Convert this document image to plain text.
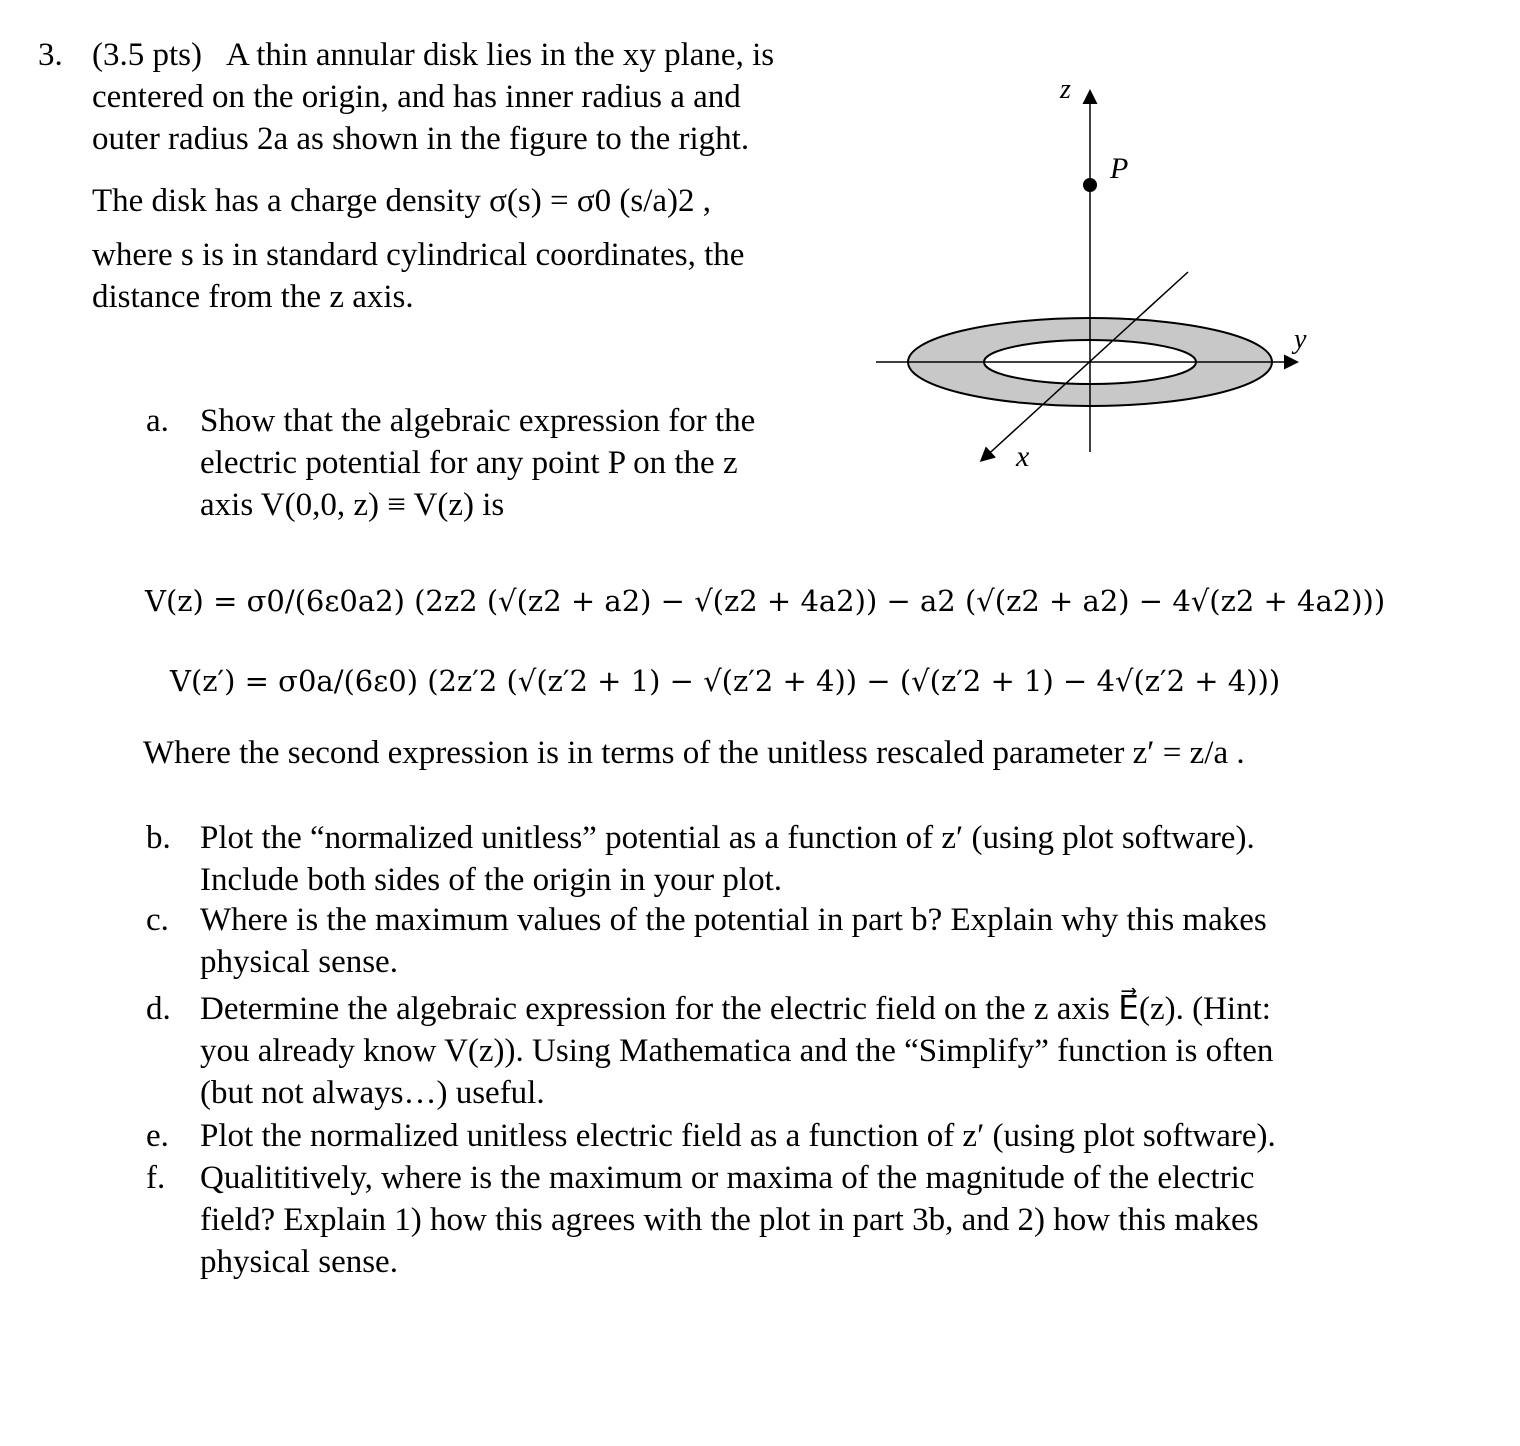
3. (3.5 pts) A thin annular disk lies in the xy plane, is
centered on the origin, and has inner radius a and
outer radius 2a as shown in the figure to the right.
The disk has a charge density σ(s) = σ0 (s/a)2 ,
where s is in standard cylindrical coordinates, the
distance from the z axis.
z
P
y
x
a. Show that the algebraic expression for the
electric potential for any point P on the z
axis V(0,0, z) ≡ V(z) is
V(z) = σ0/(6ε0a2) (2z2 (√(z2 + a2) − √(z2 + 4a2)) − a2 (√(z2 + a2) − 4√(z2 + 4a2)))
V(z′) = σ0a/(6ε0) (2z′2 (√(z′2 + 1) − √(z′2 + 4)) − (√(z′2 + 1) − 4√(z′2 + 4)))
Where the second expression is in terms of the unitless rescaled parameter z′ = z/a .
b. Plot the “normalized unitless” potential as a function of z′ (using plot software).
Include both sides of the origin in your plot.
c. Where is the maximum values of the potential in part b? Explain why this makes
physical sense.
d. Determine the algebraic expression for the electric field on the z axis E⃗(z). (Hint:
you already know V(z)). Using Mathematica and the “Simplify” function is often
(but not always…) useful.
e. Plot the normalized unitless electric field as a function of z′ (using plot software).
f. Qualititively, where is the maximum or maxima of the magnitude of the electric
field? Explain 1) how this agrees with the plot in part 3b, and 2) how this makes
physical sense.
